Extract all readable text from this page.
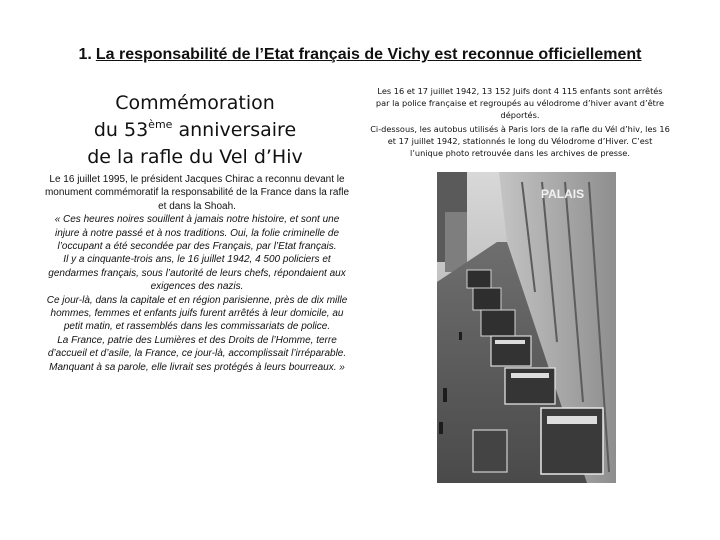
1. La responsabilité de l’Etat français de Vichy est reconnue officiellement
Commémoration
du 53ème anniversaire
de la rafle du Vel d’Hiv

Le 16 juillet 1995, le président Jacques Chirac a reconnu devant le monument commémoratif la responsabilité de la France dans la rafle et dans la Shoah.

« Ces heures noires souillent à jamais notre histoire, et sont une injure à notre passé et à nos traditions. Oui, la folie criminelle de l’occupant a été secondée par des Français, par l’Etat français.

Il y a cinquante-trois ans, le 16 juillet 1942, 4 500 policiers et gendarmes français, sous l’autorité de leurs chefs, répondaient aux exigences des nazis.

Ce jour-là, dans la capitale et en région parisienne, près de dix mille hommes, femmes et enfants juifs furent arrêtés à leur domicile, au petit matin, et rassemblés dans les commissariats de police.

La France, patrie des Lumières et des Droits de l’Homme, terre d’accueil et d’asile, la France, ce jour-là, accomplissait l’irréparable. Manquant à sa parole, elle livrait ses protégés à leurs bourreaux. »

Les 16 et 17 juillet 1942, 13 152 Juifs dont 4 115 enfants sont arrêtés par la police française et regroupés au vélodrome d’hiver avant d’être déportés.

Ci-dessous, les autobus utilisés à Paris lors de la rafle du Vél d’hiv, les 16 et 17 juillet 1942, stationnés le long du Vélodrome d’Hiver. C’est l’unique photo retrouvée dans les archives de presse.

PALAIS
